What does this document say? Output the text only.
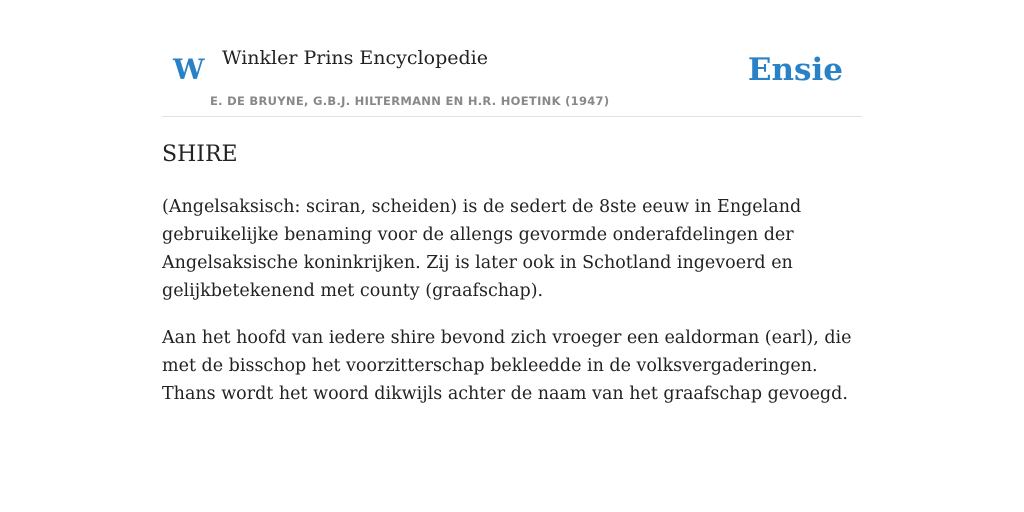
W Winkler Prins Encyclopedie
E. DE BRUYNE, G.B.J. HILTERMANN EN H.R. HOETINK (1947)
Ensie
SHIRE

(Angelsaksisch: sciran, scheiden) is de sedert de 8ste eeuw in Engeland gebruikelijke benaming voor de allengs gevormde onderafdelingen der Angelsaksische koninkrijken. Zij is later ook in Schotland ingevoerd en gelijkbetekenend met county (graafschap).

Aan het hoofd van iedere shire bevond zich vroeger een ealdorman (earl), die met de bisschop het voorzitterschap bekleedde in de volksvergaderingen. Thans wordt het woord dikwijls achter de naam van het graafschap gevoegd.
